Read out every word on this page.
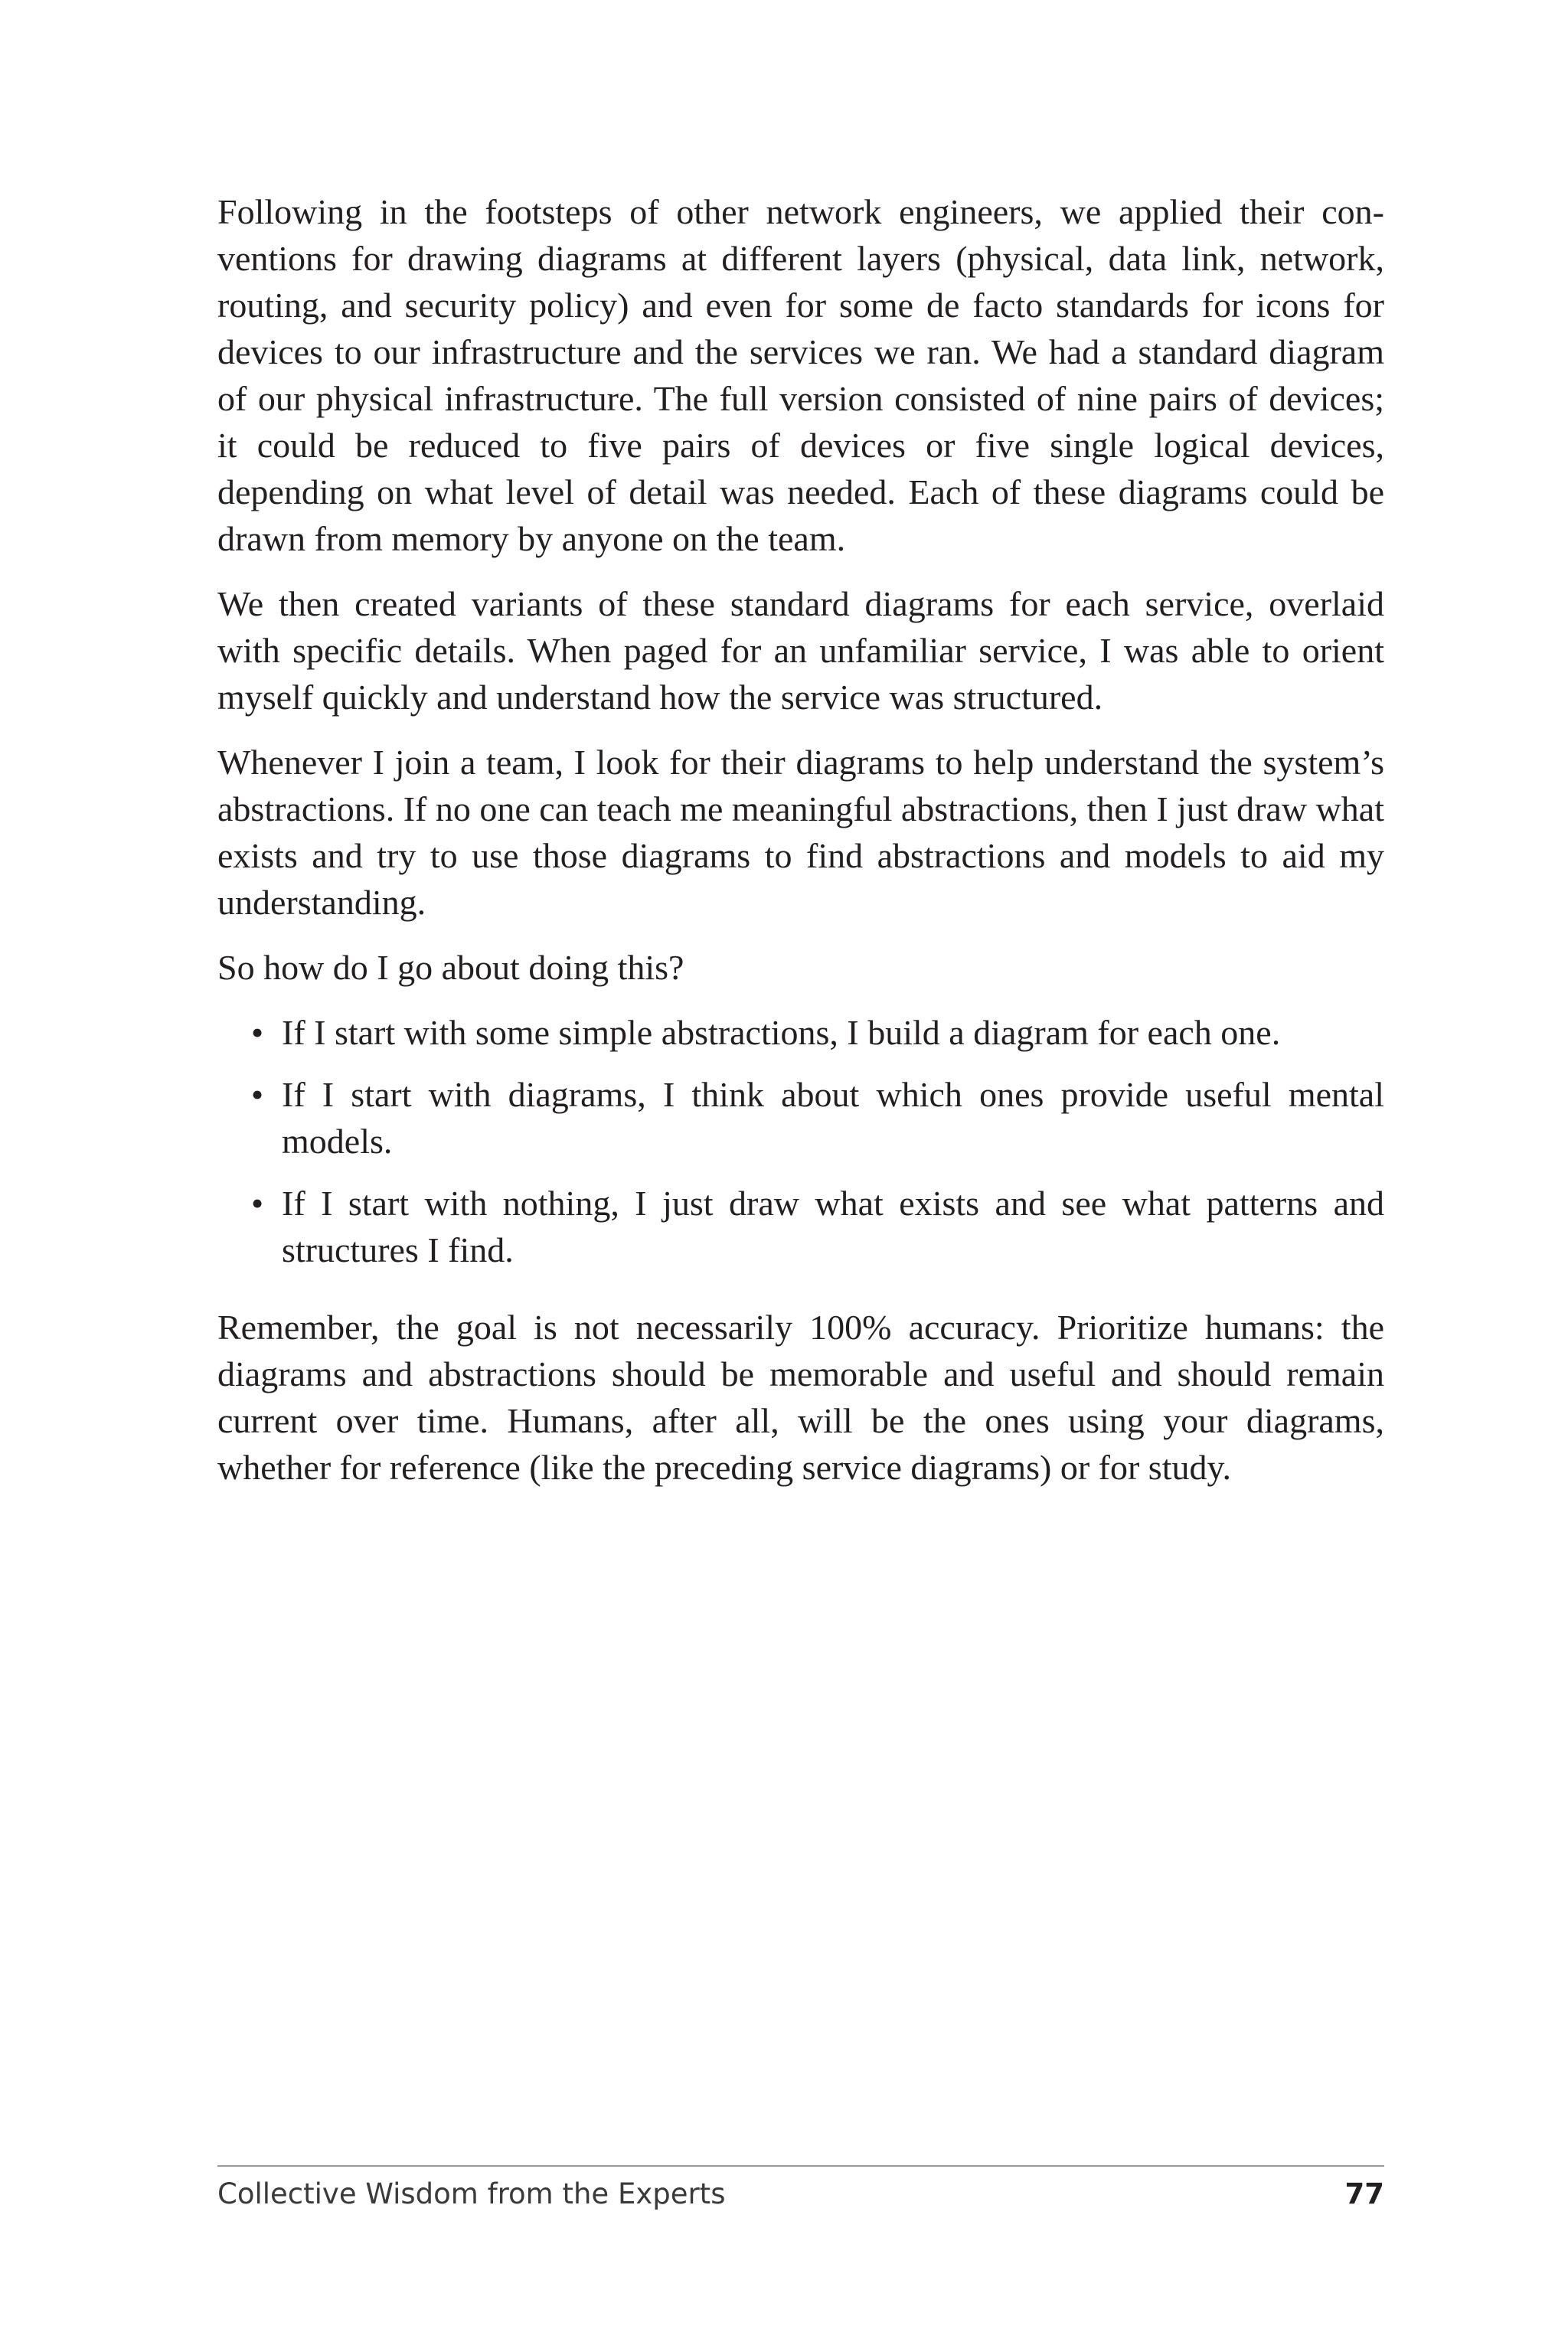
Following in the footsteps of other network engineers, we applied their conventions for drawing diagrams at different layers (physical, data link, network, routing, and security policy) and even for some de facto standards for icons for devices to our infrastructure and the services we ran. We had a standard diagram of our physical infrastructure. The full version consisted of nine pairs of devices; it could be reduced to five pairs of devices or five single logical devices, depending on what level of detail was needed. Each of these diagrams could be drawn from memory by anyone on the team.

We then created variants of these standard diagrams for each service, overlaid with specific details. When paged for an unfamiliar service, I was able to orient myself quickly and understand how the service was structured.

Whenever I join a team, I look for their diagrams to help understand the system’s abstractions. If no one can teach me meaningful abstractions, then I just draw what exists and try to use those diagrams to find abstractions and models to aid my understanding.

So how do I go about doing this?

• If I start with some simple abstractions, I build a diagram for each one.
• If I start with diagrams, I think about which ones provide useful mental models.
• If I start with nothing, I just draw what exists and see what patterns and structures I find.

Remember, the goal is not necessarily 100% accuracy. Prioritize humans: the diagrams and abstractions should be memorable and useful and should remain current over time. Humans, after all, will be the ones using your diagrams, whether for reference (like the preceding service diagrams) or for study.

Collective Wisdom from the Experts	77
